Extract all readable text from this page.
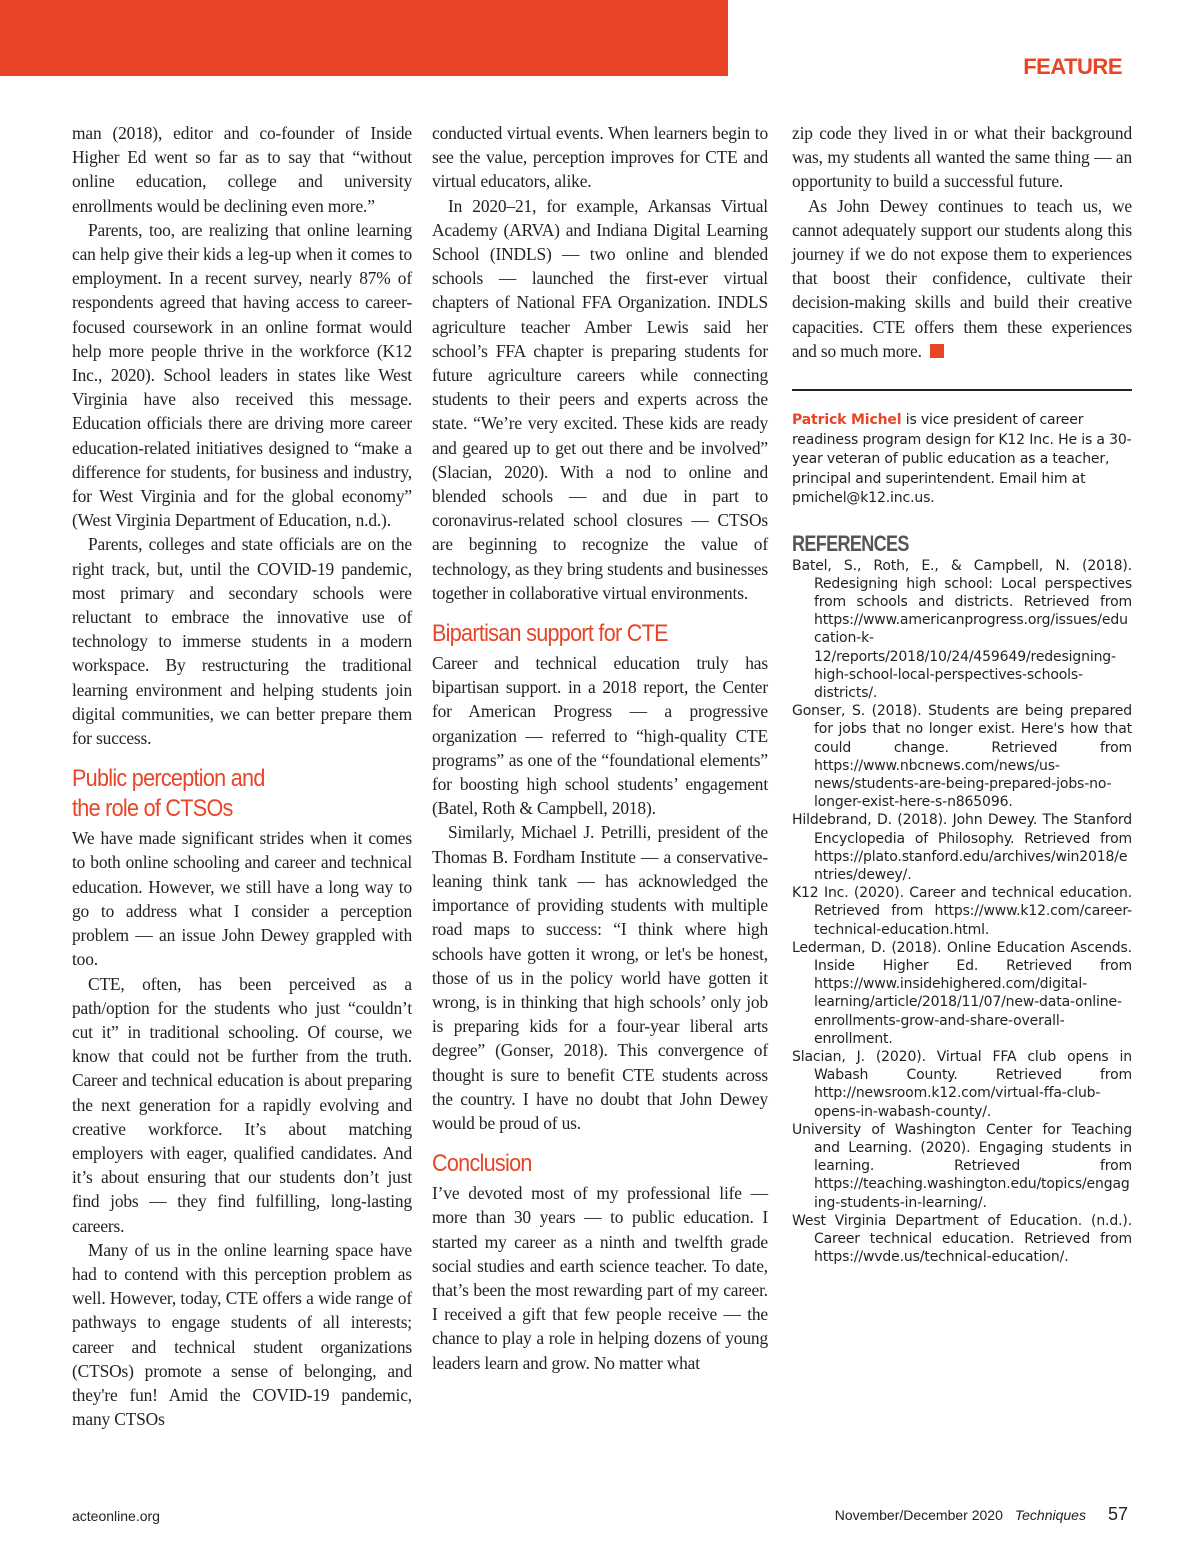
FEATURE

man (2018), editor and co-founder of Inside Higher Ed went so far as to say that “without online education, college and university enrollments would be declining even more.”

Parents, too, are realizing that online learning can help give their kids a leg-up when it comes to employment. In a recent survey, nearly 87% of respondents agreed that having access to career-focused coursework in an online format would help more people thrive in the workforce (K12 Inc., 2020). School leaders in states like West Virginia have also received this message. Education officials there are driving more career education-related initiatives designed to “make a difference for students, for business and industry, for West Virginia and for the global economy” (West Virginia Department of Education, n.d.).

Parents, colleges and state officials are on the right track, but, until the COVID-19 pandemic, most primary and secondary schools were reluctant to embrace the innovative use of technology to immerse students in a modern workspace. By restructuring the traditional learning environment and helping students join digital communities, we can better prepare them for success.

Public perception and
the role of CTSOs

We have made significant strides when it comes to both online schooling and career and technical education. However, we still have a long way to go to address what I consider a perception problem — an issue John Dewey grappled with too.

CTE, often, has been perceived as a path/option for the students who just “couldn’t cut it” in traditional schooling. Of course, we know that could not be further from the truth. Career and technical education is about preparing the next generation for a rapidly evolving and creative workforce. It’s about matching employers with eager, qualified candidates. And it’s about ensuring that our students don’t just find jobs — they find fulfilling, long-lasting careers.

Many of us in the online learning space have had to contend with this perception problem as well. However, today, CTE offers a wide range of pathways to engage students of all interests; career and technical student organizations (CTSOs) promote a sense of belonging, and they're fun! Amid the COVID-19 pandemic, many CTSOs

conducted virtual events. When learners begin to see the value, perception improves for CTE and virtual educators, alike.

In 2020–21, for example, Arkansas Virtual Academy (ARVA) and Indiana Digital Learning School (INDLS) — two online and blended schools — launched the first-ever virtual chapters of National FFA Organization. INDLS agriculture teacher Amber Lewis said her school’s FFA chapter is preparing students for future agriculture careers while connecting students to their peers and experts across the state. “We’re very excited. These kids are ready and geared up to get out there and be involved” (Slacian, 2020). With a nod to online and blended schools — and due in part to coronavirus-related school closures — CTSOs are beginning to recognize the value of technology, as they bring students and businesses together in collaborative virtual environments.

Bipartisan support for CTE

Career and technical education truly has bipartisan support. in a 2018 report, the Center for American Progress — a progressive organization — referred to “high-quality CTE programs” as one of the “foundational elements” for boosting high school students’ engagement (Batel, Roth & Campbell, 2018).

Similarly, Michael J. Petrilli, president of the Thomas B. Fordham Institute — a conservative-leaning think tank — has acknowledged the importance of providing students with multiple road maps to success: “I think where high schools have gotten it wrong, or let's be honest, those of us in the policy world have gotten it wrong, is in thinking that high schools’ only job is preparing kids for a four-year liberal arts degree” (Gonser, 2018). This convergence of thought is sure to benefit CTE students across the country. I have no doubt that John Dewey would be proud of us.

Conclusion

I’ve devoted most of my professional life — more than 30 years — to public education. I started my career as a ninth and twelfth grade social studies and earth science teacher. To date, that’s been the most rewarding part of my career. I received a gift that few people receive — the chance to play a role in helping dozens of young leaders learn and grow. No matter what

zip code they lived in or what their background was, my students all wanted the same thing — an opportunity to build a successful future.

As John Dewey continues to teach us, we cannot adequately support our students along this journey if we do not expose them to experiences that boost their confidence, cultivate their decision-making skills and build their creative capacities. CTE offers them these experiences and so much more.

Patrick Michel is vice president of career readiness program design for K12 Inc. He is a 30-year veteran of public education as a teacher, principal and superintendent. Email him at pmichel@k12.inc.us.
REFERENCES

Batel, S., Roth, E., & Campbell, N. (2018). Redesigning high school: Local perspectives from schools and districts. Retrieved from https://www.americanprogress.org/issues/education-k-12/reports/2018/10/24/459649/redesigning-high-school-local-perspectives-schools-districts/.

Gonser, S. (2018). Students are being prepared for jobs that no longer exist. Here's how that could change. Retrieved from https://www.nbcnews.com/news/us-news/students-are-being-prepared-jobs-no-longer-exist-here-s-n865096.

Hildebrand, D. (2018). John Dewey. The Stanford Encyclopedia of Philosophy. Retrieved from https://plato.stanford.edu/archives/win2018/entries/dewey/.

K12 Inc. (2020). Career and technical education. Retrieved from https://www.k12.com/career-technical-education.html.

Lederman, D. (2018). Online Education Ascends. Inside Higher Ed. Retrieved from https://www.insidehighered.com/digital-learning/article/2018/11/07/new-data-online-enrollments-grow-and-share-overall-enrollment.

Slacian, J. (2020). Virtual FFA club opens in Wabash County. Retrieved from http://newsroom.k12.com/virtual-ffa-club-opens-in-wabash-county/.

University of Washington Center for Teaching and Learning. (2020). Engaging students in learning. Retrieved from https://teaching.washington.edu/topics/engaging-students-in-learning/.

West Virginia Department of Education. (n.d.). Career technical education. Retrieved from https://wvde.us/technical-education/.

acteonline.org	November/December 2020 Techniques 57
